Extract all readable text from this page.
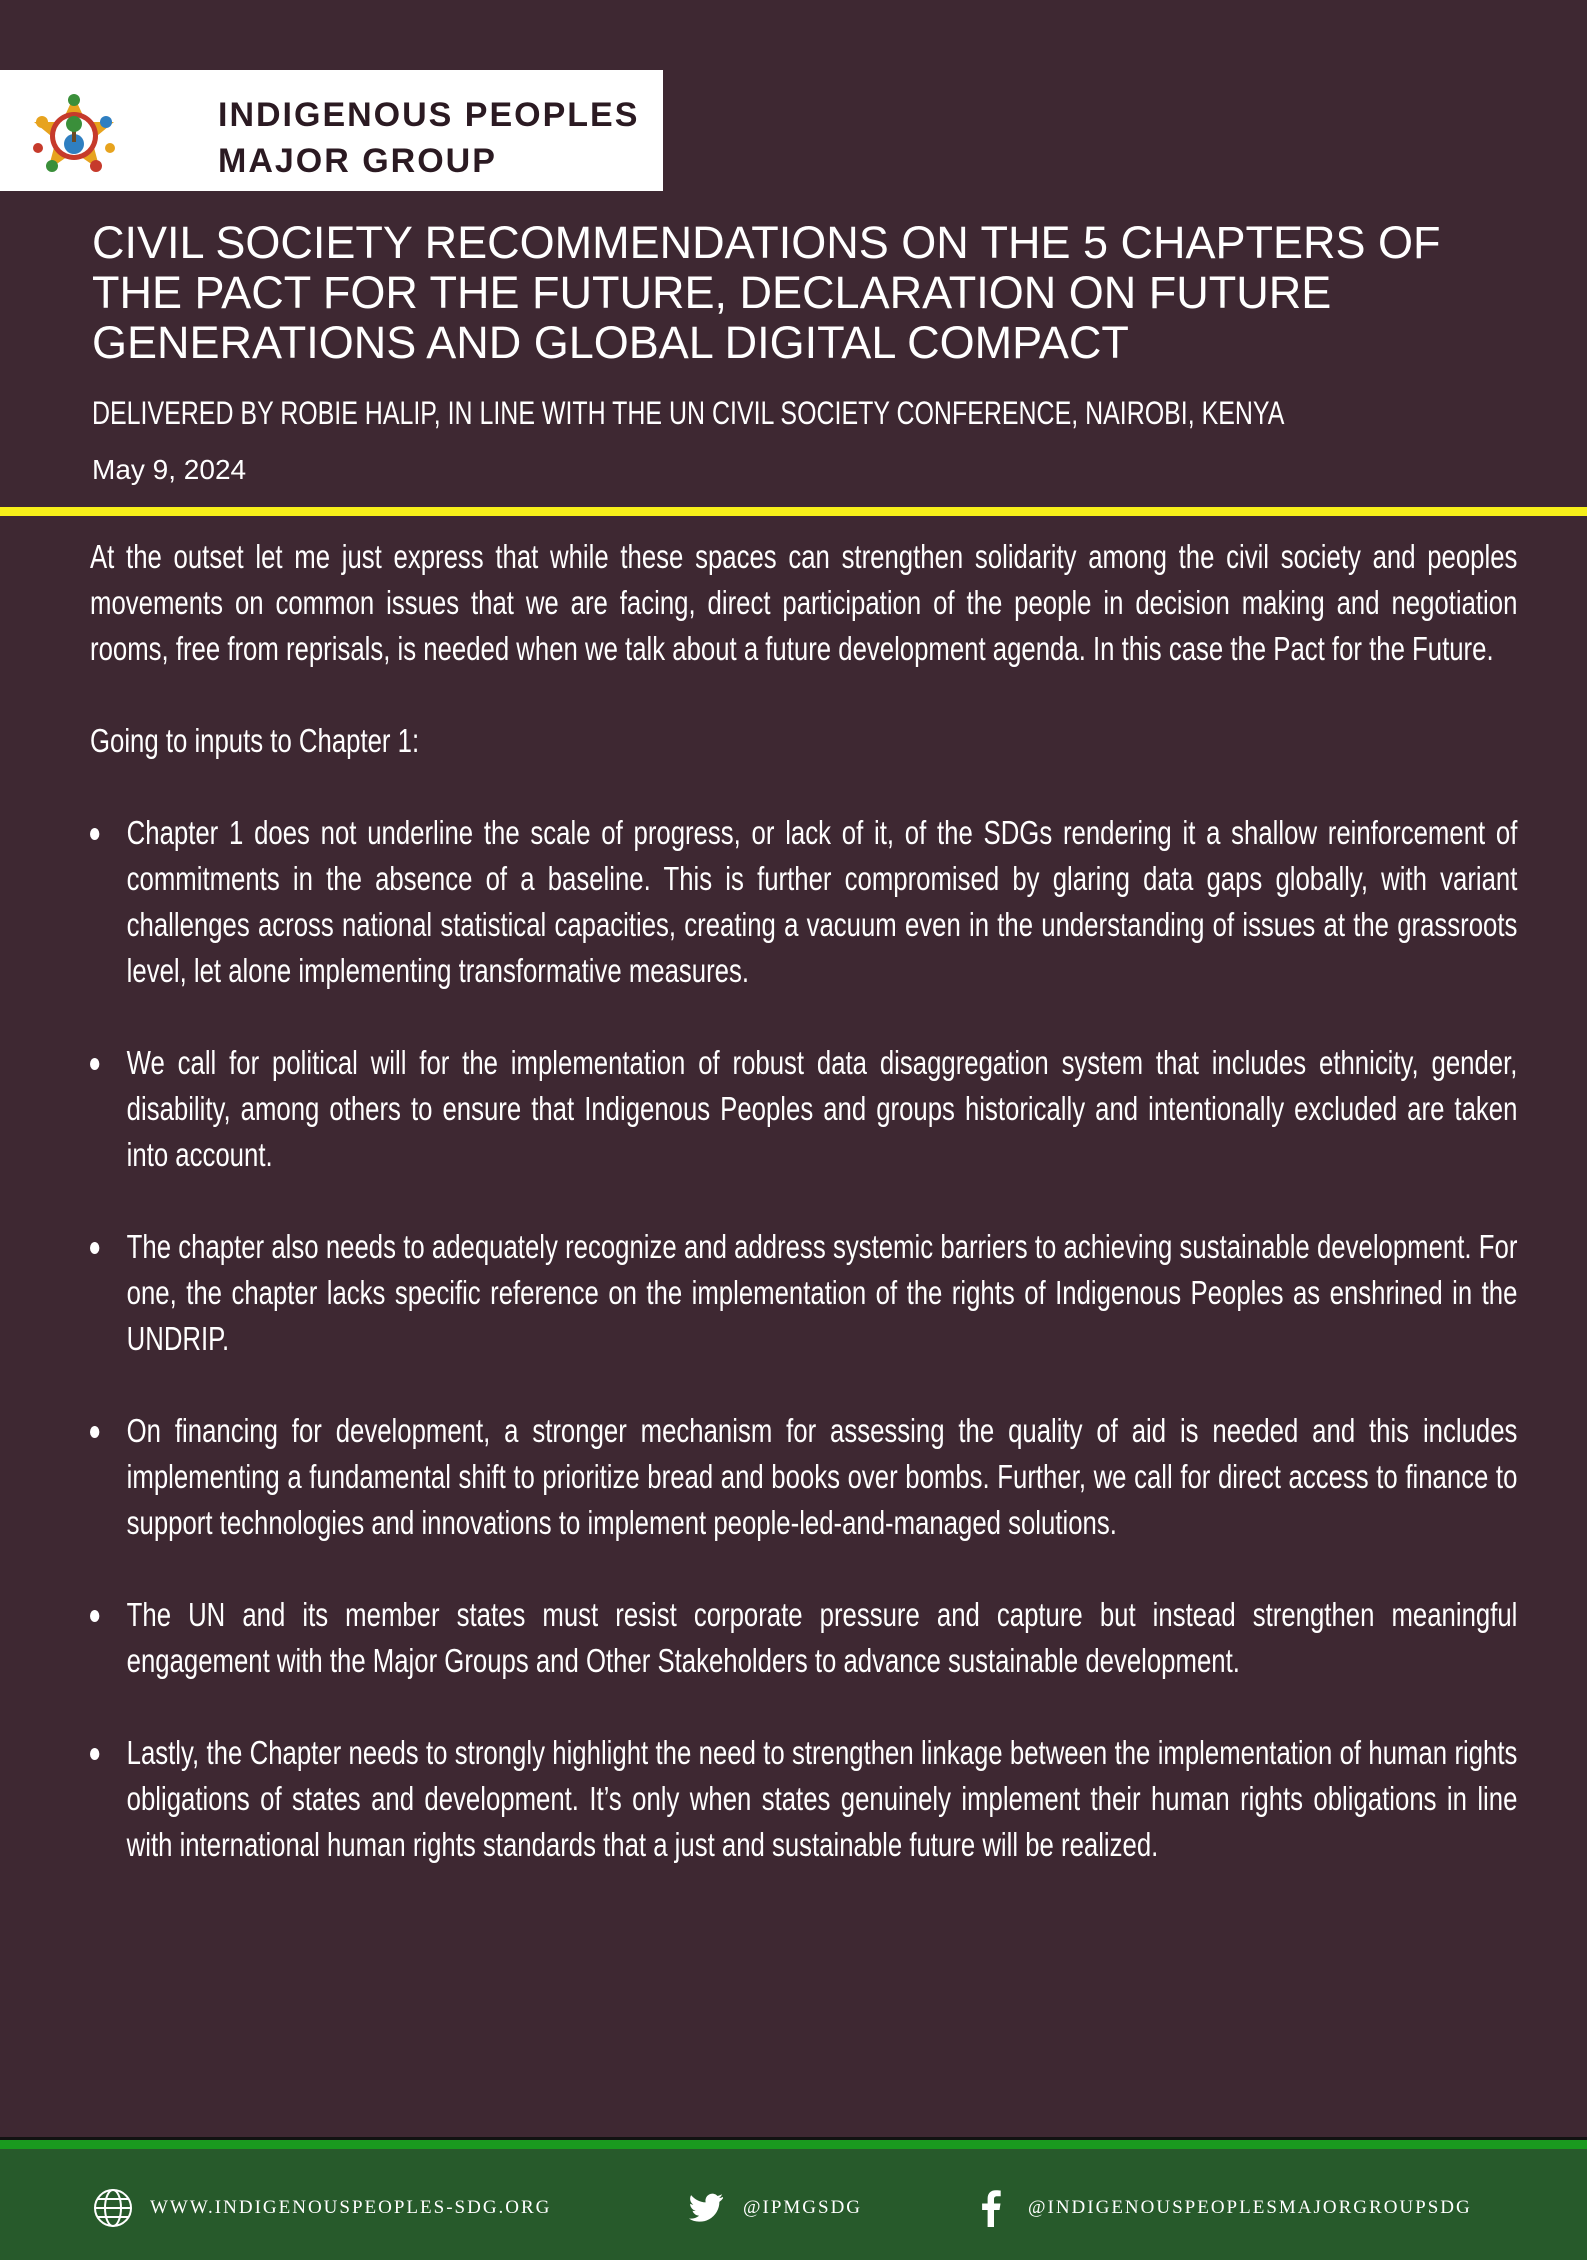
INDIGENOUS PEOPLES
MAJOR GROUP
CIVIL SOCIETY RECOMMENDATIONS ON THE 5 CHAPTERS OF THE PACT FOR THE FUTURE, DECLARATION ON FUTURE GENERATIONS AND GLOBAL DIGITAL COMPACT
DELIVERED BY ROBIE HALIP, IN LINE WITH THE UN CIVIL SOCIETY CONFERENCE, NAIROBI, KENYA
May 9, 2024

At the outset let me just express that while these spaces can strengthen solidarity among the civil society and peoples movements on common issues that we are facing, direct participation of the people in decision making and negotiation rooms, free from reprisals, is needed when we talk about a future development agenda. In this case the Pact for the Future.

Going to inputs to Chapter 1:

Chapter 1 does not underline the scale of progress, or lack of it, of the SDGs rendering it a shallow reinforcement of commitments in the absence of a baseline. This is further compromised by glaring data gaps globally, with variant challenges across national statistical capacities, creating a vacuum even in the understanding of issues at the grassroots level, let alone implementing transformative measures.
We call for political will for the implementation of robust data disaggregation system that includes ethnicity, gender, disability, among others to ensure that Indigenous Peoples and groups historically and intentionally excluded are taken into account.
The chapter also needs to adequately recognize and address systemic barriers to achieving sustainable development. For one, the chapter lacks specific reference on the implementation of the rights of Indigenous Peoples as enshrined in the UNDRIP.
On financing for development, a stronger mechanism for assessing the quality of aid is needed and this includes implementing a fundamental shift to prioritize bread and books over bombs. Further, we call for direct access to finance to support technologies and innovations to implement people-led-and-managed solutions.
The UN and its member states must resist corporate pressure and capture but instead strengthen meaningful engagement with the Major Groups and Other Stakeholders to advance sustainable development.
Lastly, the Chapter needs to strongly highlight the need to strengthen linkage between the implementation of human rights obligations of states and development. It’s only when states genuinely implement their human rights obligations in line with international human rights standards that a just and sustainable future will be realized.
WWW.INDIGENOUSPEOPLES-SDG.ORG	@IPMGSDG	@INDIGENOUSPEOPLESMAJORGROUPSDG
